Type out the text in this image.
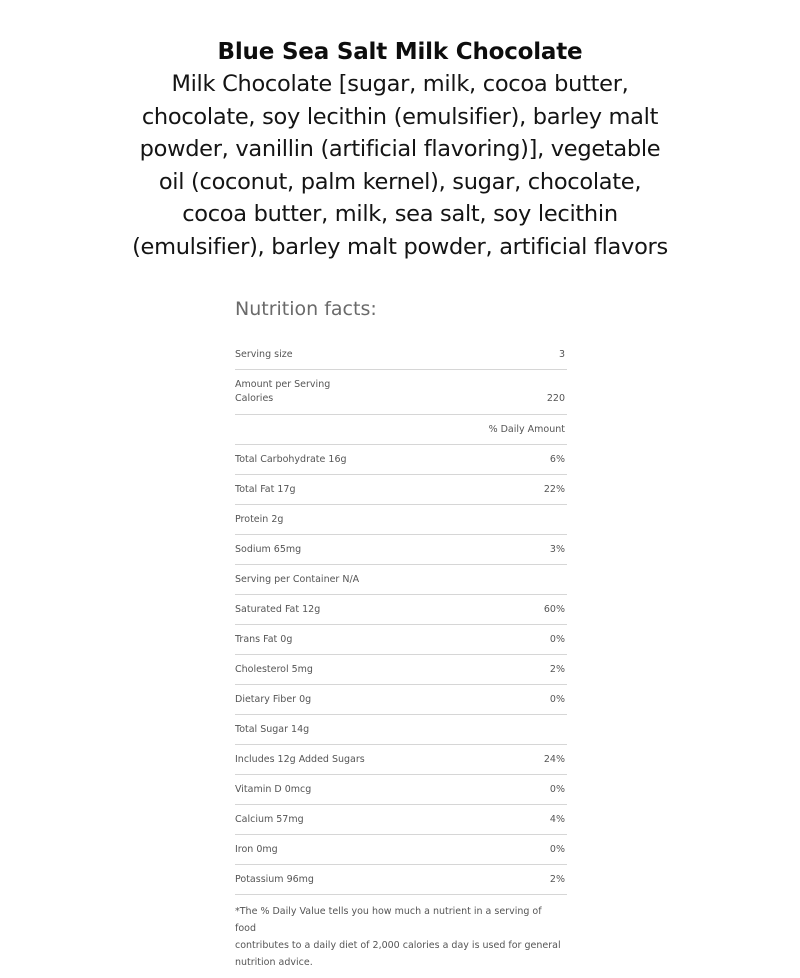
Blue Sea Salt Milk Chocolate
Milk Chocolate [sugar, milk, cocoa butter,
chocolate, soy lecithin (emulsifier), barley malt
powder, vanillin (artificial flavoring)], vegetable
oil (coconut, palm kernel), sugar, chocolate,
cocoa butter, milk, sea salt, soy lecithin
(emulsifier), barley malt powder, artificial flavors
Nutrition facts:
Serving size	3
Amount per Serving
Calories	220
% Daily Amount
Total Carbohydrate 16g	6%
Total Fat 17g	22%
Protein 2g
Sodium 65mg	3%
Serving per Container N/A
Saturated Fat 12g	60%
Trans Fat 0g	0%
Cholesterol 5mg	2%
Dietary Fiber 0g	0%
Total Sugar 14g
Includes 12g Added Sugars	24%
Vitamin D 0mcg	0%
Calcium 57mg	4%
Iron 0mg	0%
Potassium 96mg	2%
*The % Daily Value tells you how much a nutrient in a serving of food
contributes to a daily diet of 2,000 calories a day is used for general
nutrition advice.
